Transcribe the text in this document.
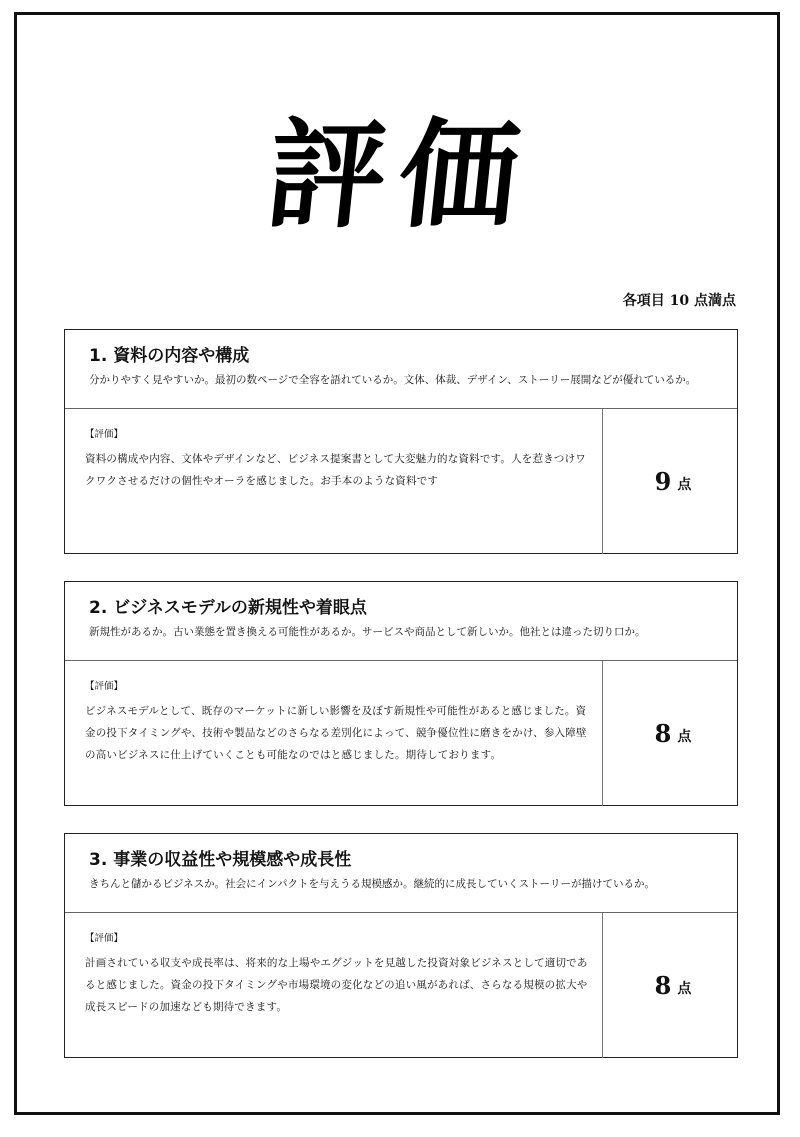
評価
各項目 10 点満点
1. 資料の内容や構成
分かりやすく見やすいか。最初の数ページで全容を語れているか。文体、体裁、デザイン、ストーリー展開などが優れているか。
【評価】
資料の構成や内容、文体やデザインなど、ビジネス提案書として大変魅力的な資料です。人を惹きつけワクワクさせるだけの個性やオーラを感じました。お手本のような資料です	9 点
2. ビジネスモデルの新規性や着眼点
新規性があるか。古い業態を置き換える可能性があるか。サービスや商品として新しいか。他社とは違った切り口か。
【評価】
ビジネスモデルとして、既存のマーケットに新しい影響を及ぼす新規性や可能性があると感じました。資金の投下タイミングや、技術や製品などのさらなる差別化によって、競争優位性に磨きをかけ、参入障壁の高いビジネスに仕上げていくことも可能なのではと感じました。期待しております。
8 点
3. 事業の収益性や規模感や成長性
きちんと儲かるビジネスか。社会にインパクトを与えうる規模感か。継続的に成長していくストーリーが描けているか。
【評価】
計画されている収支や成長率は、将来的な上場やエグジットを見越した投資対象ビジネスとして適切であると感じました。資金の投下タイミングや市場環境の変化などの追い風があれば、さらなる規模の拡大や成長スピードの加速なども期待できます。
8 点
